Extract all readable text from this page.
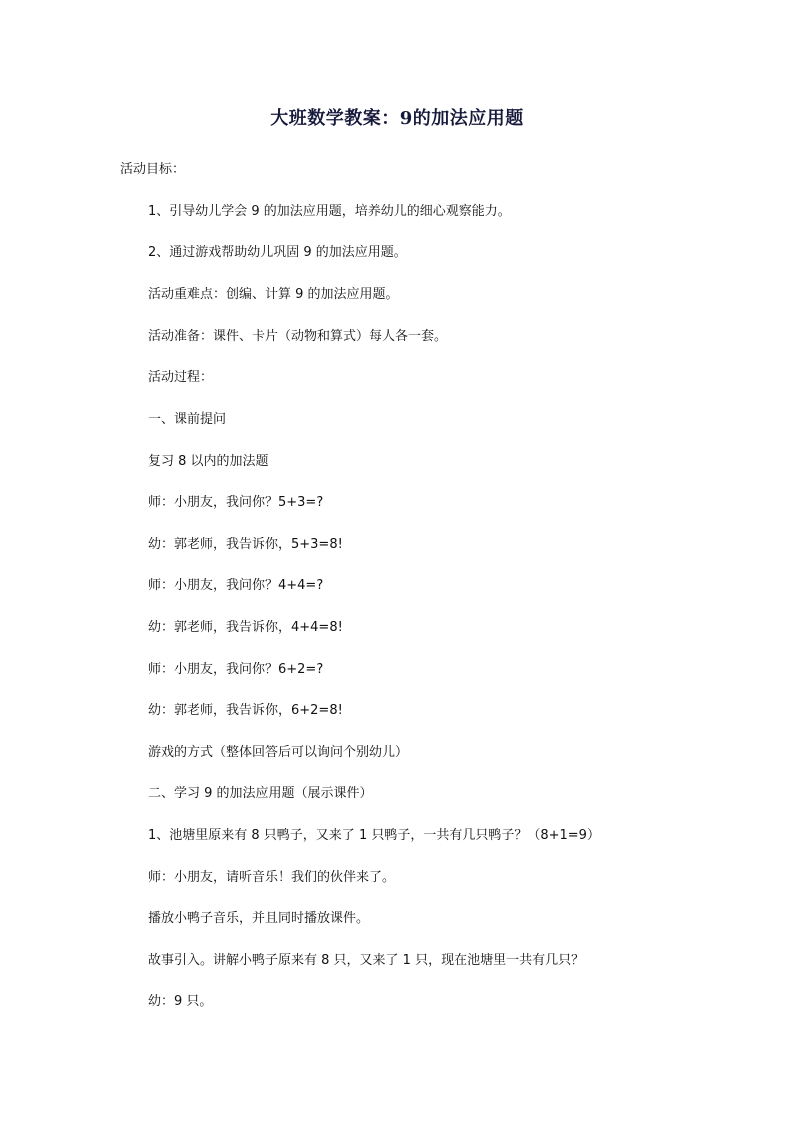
大班数学教案：9的加法应用题
活动目标：
1、引导幼儿学会 9 的加法应用题，培养幼儿的细心观察能力。
2、通过游戏帮助幼儿巩固 9 的加法应用题。
活动重难点：创编、计算 9 的加法应用题。
活动准备：课件、卡片（动物和算式）每人各一套。
活动过程：
一、课前提问
复习 8 以内的加法题
师：小朋友，我问你？5+3=?
幼：郭老师，我告诉你，5+3=8!
师：小朋友，我问你？4+4=?
幼：郭老师，我告诉你，4+4=8!
师：小朋友，我问你？6+2=?
幼：郭老师，我告诉你，6+2=8!
游戏的方式（整体回答后可以询问个别幼儿）
二、学习 9 的加法应用题（展示课件）
1、池塘里原来有 8 只鸭子，又来了 1 只鸭子，一共有几只鸭子？（8+1=9）
师：小朋友，请听音乐！我们的伙伴来了。
播放小鸭子音乐，并且同时播放课件。
故事引入。讲解小鸭子原来有 8 只，又来了 1 只，现在池塘里一共有几只？
幼：9 只。
